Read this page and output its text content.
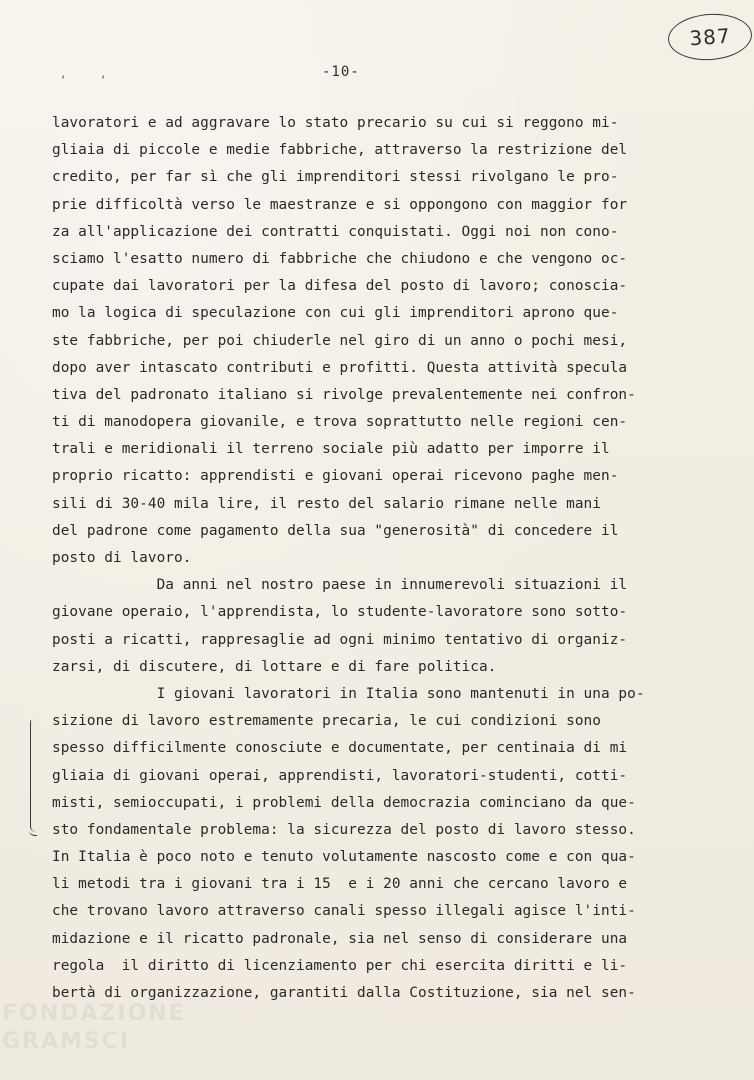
387
-10-
‘ ‘
lavoratori e ad aggravare lo stato precario su cui si reggono mi-
gliaia di piccole e medie fabbriche, attraverso la restrizione del
credito, per far sì che gli imprenditori stessi rivolgano le pro-
prie difficoltà verso le maestranze e si oppongono con maggior for
za all'applicazione dei contratti conquistati. Oggi noi non cono-
sciamo l'esatto numero di fabbriche che chiudono e che vengono oc-
cupate dai lavoratori per la difesa del posto di lavoro; conoscia-
mo la logica di speculazione con cui gli imprenditori aprono que-
ste fabbriche, per poi chiuderle nel giro di un anno o pochi mesi,
dopo aver intascato contributi e profitti. Questa attività specula
tiva del padronato italiano si rivolge prevalentemente nei confron-
ti di manodopera giovanile, e trova soprattutto nelle regioni cen-
trali e meridionali il terreno sociale più adatto per imporre il
proprio ricatto: apprendisti e giovani operai ricevono paghe men-
sili di 30-40 mila lire, il resto del salario rimane nelle mani
del padrone come pagamento della sua "generosità" di concedere il
posto di lavoro.
Da anni nel nostro paese in innumerevoli situazioni il
giovane operaio, l'apprendista, lo studente-lavoratore sono sotto-
posti a ricatti, rappresaglie ad ogni minimo tentativo di organiz-
zarsi, di discutere, di lottare e di fare politica.
I giovani lavoratori in Italia sono mantenuti in una po-
sizione di lavoro estremamente precaria, le cui condizioni sono
spesso difficilmente conosciute e documentate, per centinaia di mi
gliaia di giovani operai, apprendisti, lavoratori-studenti, cotti-
misti, semioccupati, i problemi della democrazia cominciano da que-
sto fondamentale problema: la sicurezza del posto di lavoro stesso.
In Italia è poco noto e tenuto volutamente nascosto come e con qua-
li metodi tra i giovani tra i 15  e i 20 anni che cercano lavoro e
che trovano lavoro attraverso canali spesso illegali agisce l'inti-
midazione e il ricatto padronale, sia nel senso di considerare una
regola  il diritto di licenziamento per chi esercita diritti e li-
bertà di organizzazione, garantiti dalla Costituzione, sia nel sen-
FONDAZIONE
GRAMSCI
